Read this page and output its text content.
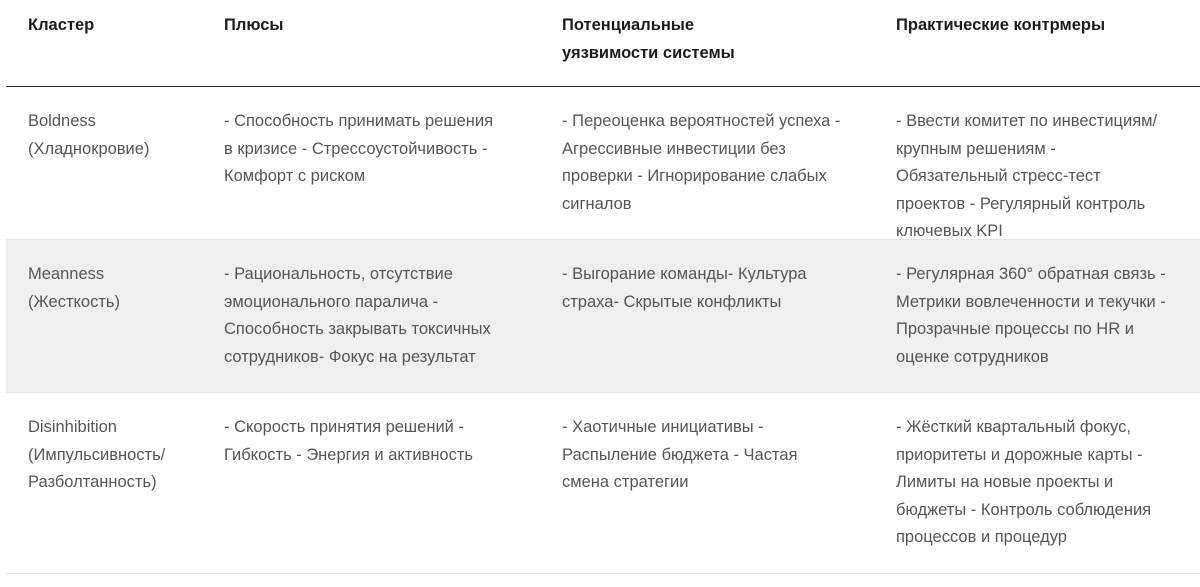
Кластер	Плюсы	Потенциальные уязвимости системы
Практические контрмеры
Boldness (Хладнокровие)
- Способность принимать решения в кризисе - Стрессоустойчивость - Комфорт с риском
- Переоценка вероятностей успеха - Агрессивные инвестиции без проверки - Игнорирование слабых сигналов
- Ввести комитет по инвестициям/ крупным решениям - Обязательный стресс-тест проектов - Регулярный контроль ключевых KPI
Meanness (Жесткость)
- Рациональность, отсутствие эмоционального паралича - Способность закрывать токсичных сотрудников- Фокус на результат
- Выгорание команды- Культура страха- Скрытые конфликты
- Регулярная 360° обратная связь - Метрики вовлеченности и текучки - Прозрачные процессы по HR и оценке сотрудников
Disinhibition (Импульсивность/ Разболтанность)
- Скорость принятия решений - Гибкость - Энергия и активность
- Хаотичные инициативы - Распыление бюджета - Частая смена стратегии
- Жёсткий квартальный фокус, приоритеты и дорожные карты - Лимиты на новые проекты и бюджеты - Контроль соблюдения процессов и процедур
